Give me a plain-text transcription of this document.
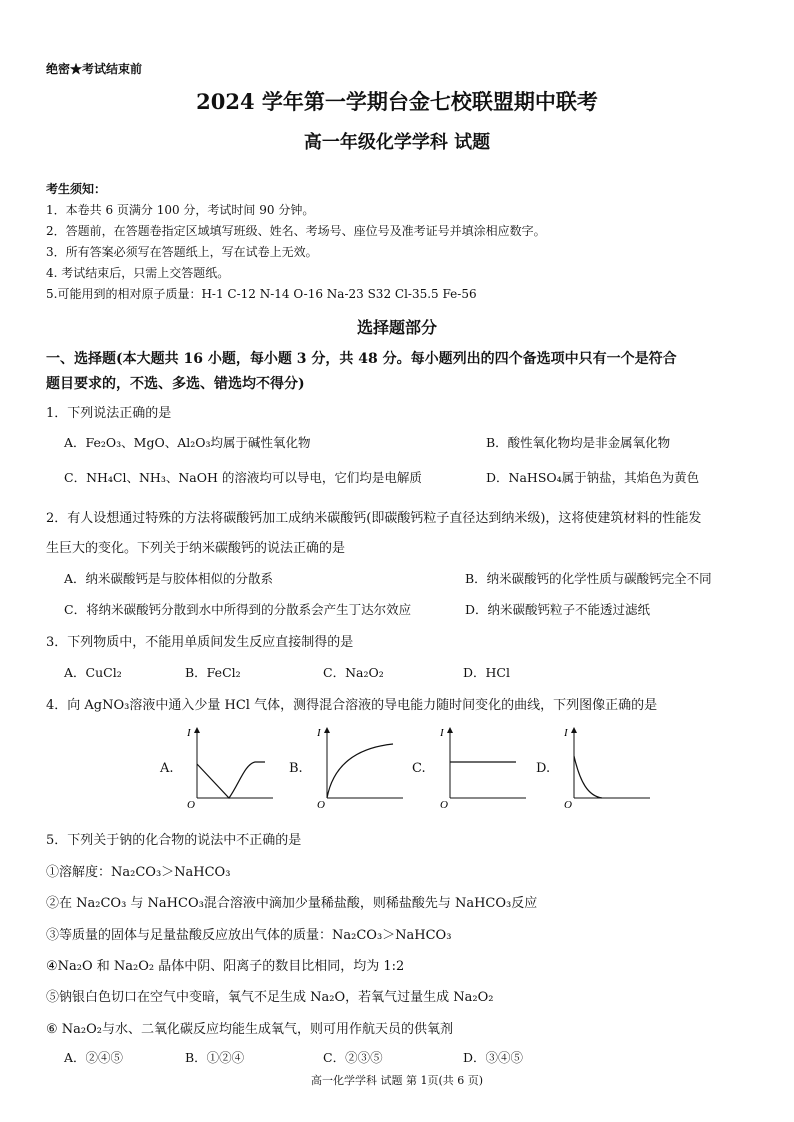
绝密★考试结束前
2024 学年第一学期台金七校联盟期中联考
高一年级化学学科 试题
考生须知：
1．本卷共 6 页满分 100 分，考试时间 90 分钟。
2．答题前，在答题卷指定区域填写班级、姓名、考场号、座位号及准考证号并填涂相应数字。
3．所有答案必须写在答题纸上，写在试卷上无效。
4. 考试结束后，只需上交答题纸。
5.可能用到的相对原子质量：H-1 C-12 N-14 O-16 Na-23 S32 Cl-35.5 Fe-56
选择题部分
一、选择题(本大题共 16 小题，每小题 3 分，共 48 分。每小题列出的四个备选项中只有一个是符合
题目要求的，不选、多选、错选均不得分)
1．下列说法正确的是
A．Fe₂O₃、MgO、Al₂O₃均属于碱性氧化物	B．酸性氧化物均是非金属氧化物
C．NH₄Cl、NH₃、NaOH 的溶液均可以导电，它们均是电解质	D．NaHSO₄属于钠盐，其焰色为黄色
2．有人设想通过特殊的方法将碳酸钙加工成纳米碳酸钙(即碳酸钙粒子直径达到纳米级)，这将使建筑材料的性能发
生巨大的变化。下列关于纳米碳酸钙的说法正确的是
A．纳米碳酸钙是与胶体相似的分散系	B．纳米碳酸钙的化学性质与碳酸钙完全不同
C．将纳米碳酸钙分散到水中所得到的分散系会产生丁达尔效应	D．纳米碳酸钙粒子不能透过滤纸
3．下列物质中，不能用单质间发生反应直接制得的是
A．CuCl₂	B．FeCl₂	C．Na₂O₂	D．HCl
4．向 AgNO₃溶液中通入少量 HCl 气体，测得混合溶液的导电能力随时间变化的曲线，下列图像正确的是
A.
I
O
B.
I
O
C.
I
O
D.
I
O
5．下列关于钠的化合物的说法中不正确的是
①溶解度：Na₂CO₃＞NaHCO₃
②在 Na₂CO₃ 与 NaHCO₃混合溶液中滴加少量稀盐酸，则稀盐酸先与 NaHCO₃反应
③等质量的固体与足量盐酸反应放出气体的质量：Na₂CO₃＞NaHCO₃
④Na₂O 和 Na₂O₂ 晶体中阴、阳离子的数目比相同，均为 1:2
⑤钠银白色切口在空气中变暗，氧气不足生成 Na₂O，若氧气过量生成 Na₂O₂
⑥ Na₂O₂与水、二氧化碳反应均能生成氧气，则可用作航天员的供氧剂
A．②④⑤	B．①②④	C．②③⑤	D．③④⑤
高一化学学科 试题 第 1页(共 6 页)
